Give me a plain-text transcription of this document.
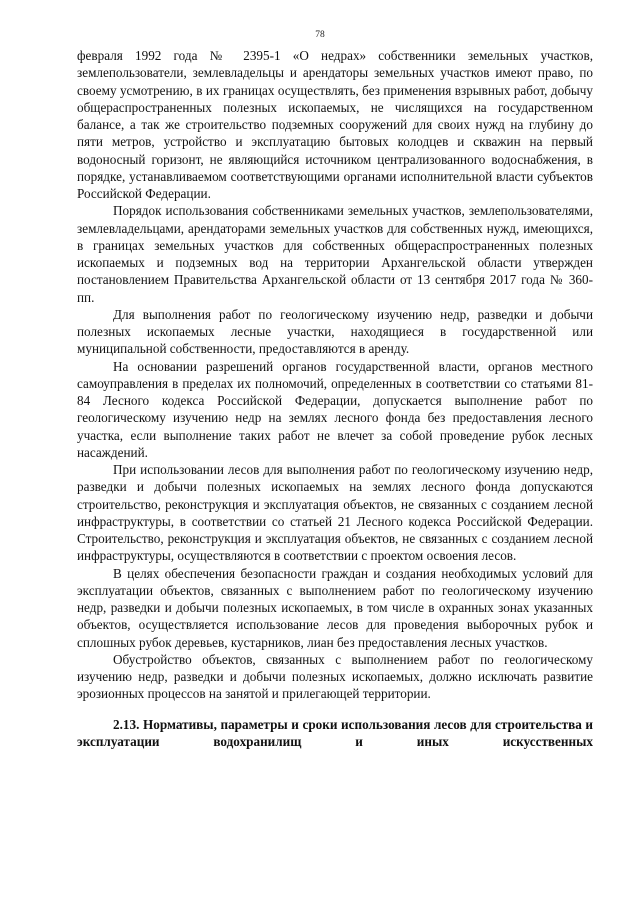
78

февраля 1992 года № 2395-1 «О недрах» собственники земельных участков, землепользователи, землевладельцы и арендаторы земельных участков имеют право, по своему усмотрению, в их границах осуществлять, без применения взрывных работ, добычу общераспространенных полезных ископаемых, не числящихся на государственном балансе, а так же строительство подземных сооружений для своих нужд на глубину до пяти метров, устройство и эксплуатацию бытовых колодцев и скважин на первый водоносный горизонт, не являющийся источником централизованного водоснабжения, в порядке, устанавливаемом соответствующими органами исполнительной власти субъектов Российской Федерации.

Порядок использования собственниками земельных участков, землепользователями, землевладельцами, арендаторами земельных участков для собственных нужд, имеющихся, в границах земельных участков для собственных общераспространенных полезных ископаемых и подземных вод на территории Архангельской области утвержден постановлением Правительства Архангельской области от 13 сентября 2017 года № 360-пп.

Для выполнения работ по геологическому изучению недр, разведки и добычи полезных ископаемых лесные участки, находящиеся в государственной или муниципальной собственности, предоставляются в аренду.

На основании разрешений органов государственной власти, органов местного самоуправления в пределах их полномочий, определенных в соответствии со статьями 81-84 Лесного кодекса Российской Федерации, допускается выполнение работ по геологическому изучению недр на землях лесного фонда без предоставления лесного участка, если выполнение таких работ не влечет за собой проведение рубок лесных насаждений.

При использовании лесов для выполнения работ по геологическому изучению недр, разведки и добычи полезных ископаемых на землях лесного фонда допускаются строительство, реконструкция и эксплуатация объектов, не связанных с созданием лесной инфраструктуры, в соответствии со статьей 21 Лесного кодекса Российской Федерации. Строительство, реконструкция и эксплуатация объектов, не связанных с созданием лесной инфраструктуры, осуществляются в соответствии с проектом освоения лесов.

В целях обеспечения безопасности граждан и создания необходимых условий для эксплуатации объектов, связанных с выполнением работ по геологическому изучению недр, разведки и добычи полезных ископаемых, в том числе в охранных зонах указанных объектов, осуществляется использование лесов для проведения выборочных рубок и сплошных рубок деревьев, кустарников, лиан без предоставления лесных участков.

Обустройство объектов, связанных с выполнением работ по геологическому изучению недр, разведки и добычи полезных ископаемых, должно исключать развитие эрозионных процессов на занятой и прилегающей территории.

2.13. Нормативы, параметры и сроки использования лесов для строительства и эксплуатации водохранилищ и иных искусственных
